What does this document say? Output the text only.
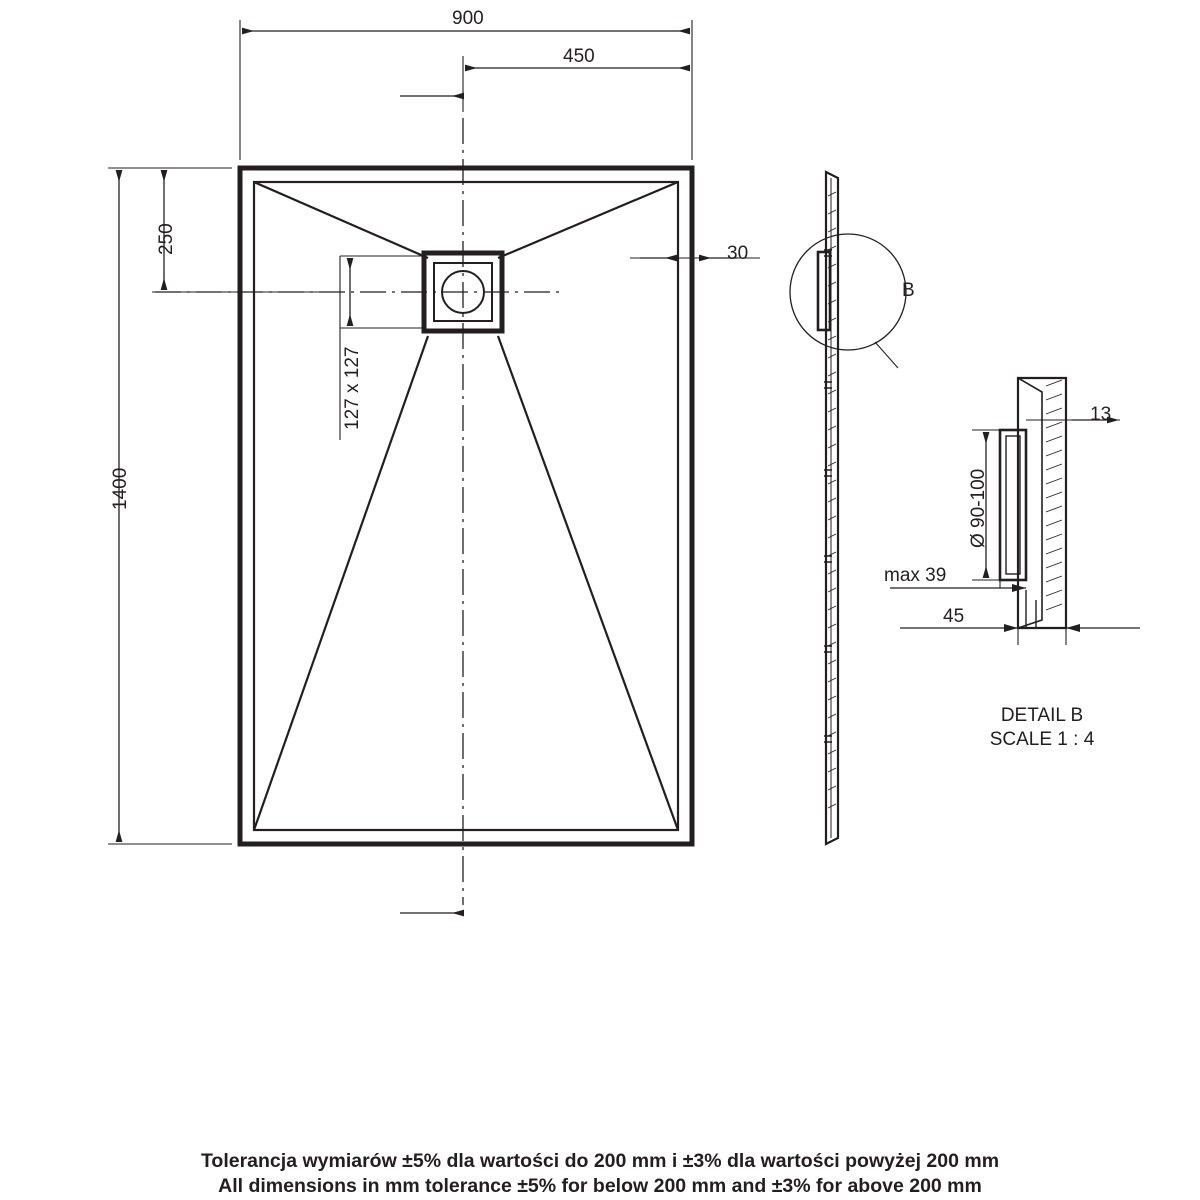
900
450
30
1400
250
127 x 127
B
13
Ø 90-100
max 39
45
DETAIL B
SCALE 1 : 4
Tolerancja wymiarów ±5% dla wartości do 200 mm i ±3% dla wartości powyżej 200 mm
All dimensions in mm tolerance ±5% for below 200 mm and ±3% for above 200 mm
